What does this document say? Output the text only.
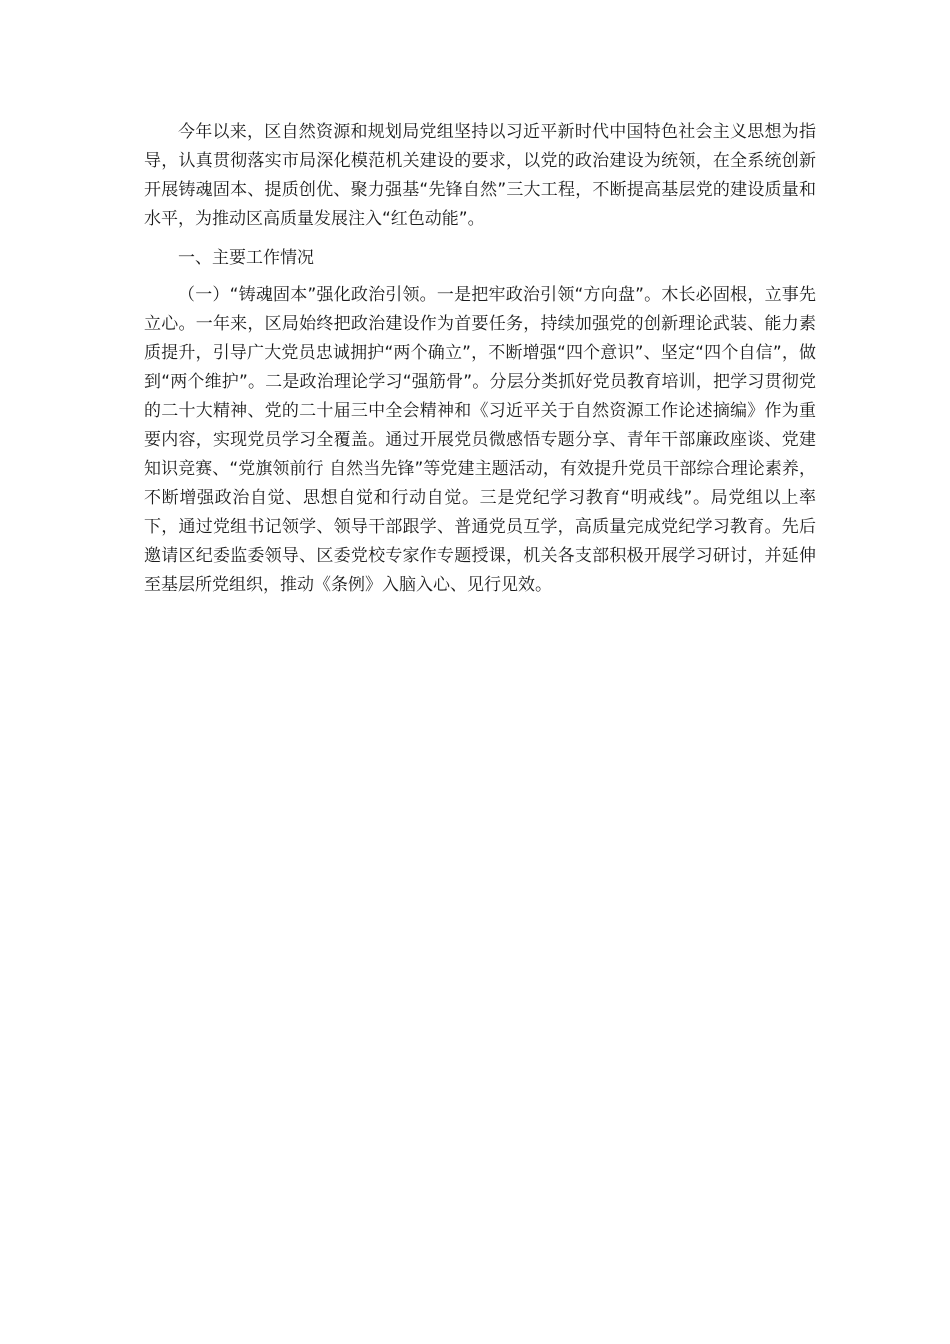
今年以来，区自然资源和规划局党组坚持以习近平新时代中国特色社会主义思想为指导，认真贯彻落实市局深化模范机关建设的要求，以党的政治建设为统领，在全系统创新开展铸魂固本、提质创优、聚力强基“先锋自然”三大工程，不断提高基层党的建设质量和水平，为推动区高质量发展注入“红色动能”。

一、主要工作情况

（一）“铸魂固本”强化政治引领。一是把牢政治引领“方向盘”。木长必固根，立事先立心。一年来，区局始终把政治建设作为首要任务，持续加强党的创新理论武装、能力素质提升，引导广大党员忠诚拥护“两个确立”，不断增强“四个意识”、坚定“四个自信”，做到“两个维护”。二是政治理论学习“强筋骨”。分层分类抓好党员教育培训，把学习贯彻党的二十大精神、党的二十届三中全会精神和《习近平关于自然资源工作论述摘编》作为重要内容，实现党员学习全覆盖。通过开展党员微感悟专题分享、青年干部廉政座谈、党建知识竞赛、“党旗领前行 自然当先锋”等党建主题活动，有效提升党员干部综合理论素养，不断增强政治自觉、思想自觉和行动自觉。三是党纪学习教育“明戒线”。局党组以上率下，通过党组书记领学、领导干部跟学、普通党员互学，高质量完成党纪学习教育。先后邀请区纪委监委领导、区委党校专家作专题授课，机关各支部积极开展学习研讨，并延伸至基层所党组织，推动《条例》入脑入心、见行见效。
